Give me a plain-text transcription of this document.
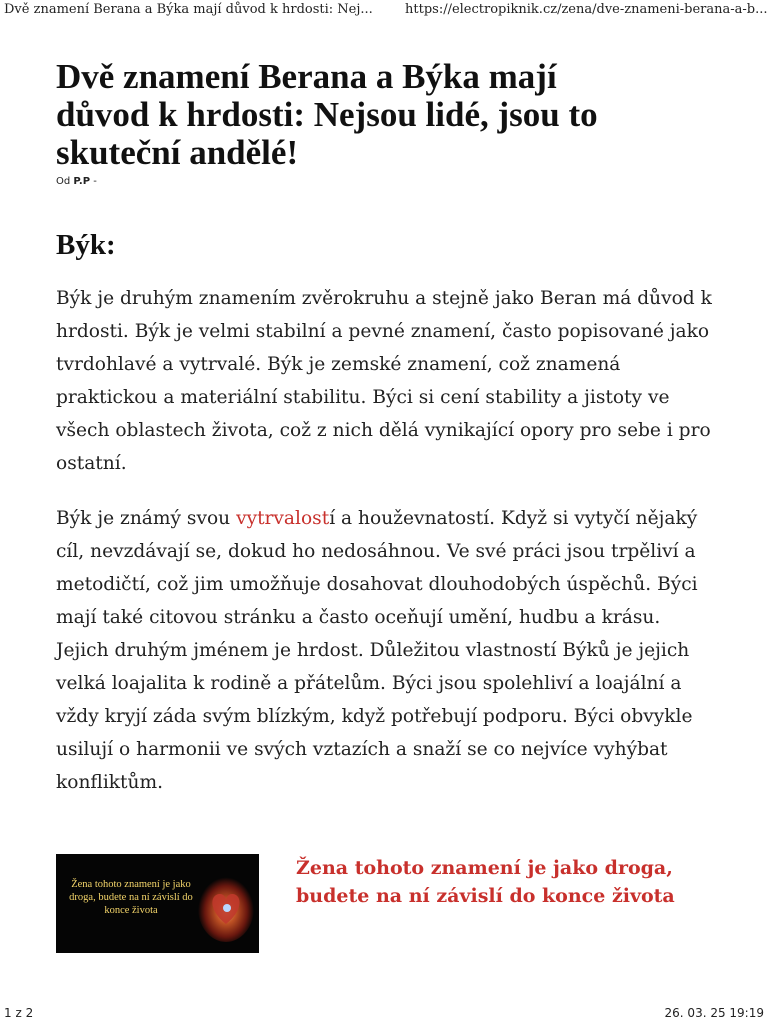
Dvě znamení Berana a Býka mají důvod k hrdosti: Nej... https://electropiknik.cz/zena/dve-znameni-berana-a-b...
Dvě znamení Berana a Býka mají důvod k hrdosti: Nejsou lidé, jsou to skuteční andělé!
Od P.P -
Býk:

Býk je druhým znamením zvěrokruhu a stejně jako Beran má důvod k hrdosti. Býk je velmi stabilní a pevné znamení, často popisované jako tvrdohlavé a vytrvalé. Býk je zemské znamení, což znamená praktickou a materiální stabilitu. Býci si cení stability a jistoty ve všech oblastech života, což z nich dělá vynikající opory pro sebe i pro ostatní.

Býk je známý svou vytrvalostí a houževnatostí. Když si vytyčí nějaký cíl, nevzdávají se, dokud ho nedosáhnou. Ve své práci jsou trpěliví a metodičtí, což jim umožňuje dosahovat dlouhodobých úspěchů. Býci mají také citovou stránku a často oceňují umění, hudbu a krásu. Jejich druhým jménem je hrdost. Důležitou vlastností Býků je jejich velká loajalita k rodině a přátelům. Býci jsou spolehliví a loajální a vždy kryjí záda svým blízkým, když potřebují podporu. Býci obvykle usilují o harmonii ve svých vztazích a snaží se co nejvíce vyhýbat konfliktům.

Žena tohoto znamení je jako droga, budete na ní závislí do konce života

Žena tohoto znamení je jako droga, budete na ní závislí do konce života

1 z 2	26. 03. 25 19:19
